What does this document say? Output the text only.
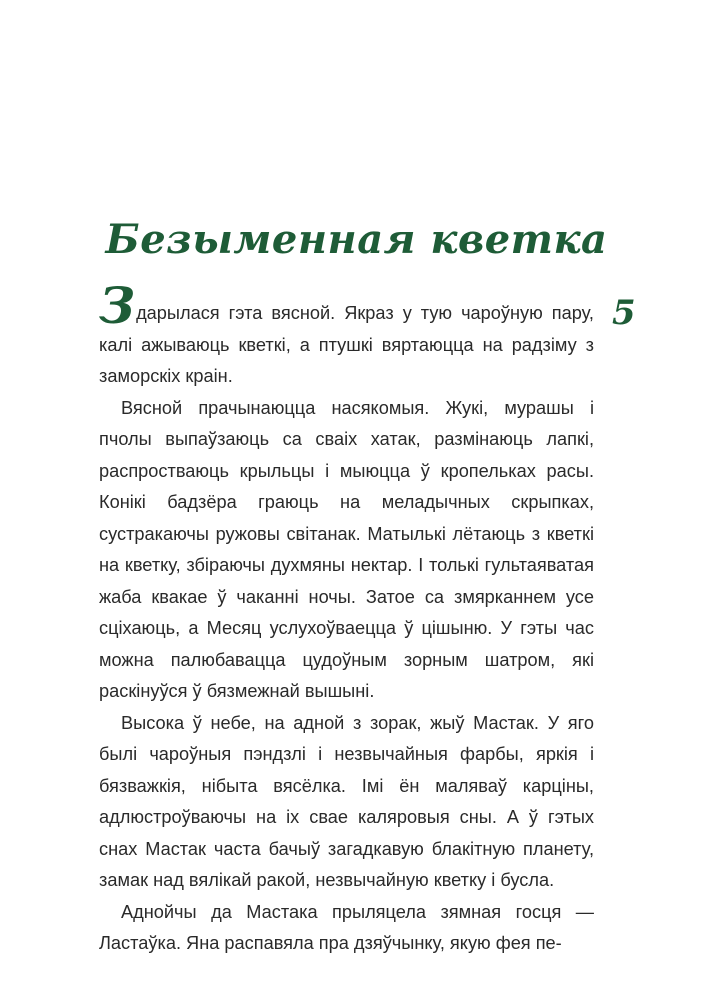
Безыменная кветка
5

Здарылася гэта вясной. Якраз у тую чароўную пару, калі ажываюць кветкі, а птушкі вяртаюцца на радзіму з заморскіх краін.

Вясной прачынаюцца насякомыя. Жукі, мурашы і пчолы выпаўзаюць са сваіх хатак, размінаюць лапкі, распростваюць крыльцы і мыюцца ў кропельках расы. Конікі бадзёра граюць на меладычных скрыпках, сустракаючы ружовы світанак. Матылькі лётаюць з кветкі на кветку, збіраючы духмяны нектар. І толькі гультаяватая жаба квакае ў чаканні ночы. Затое са змярканнем усе сціхаюць, а Месяц услухоўваецца ў цішыню. У гэты час можна палюбавацца цудоўным зорным шатром, які раскінуўся ў бязмежнай вышыні.

Высока ў небе, на адной з зорак, жыў Мастак. У яго былі чароўныя пэндзлі і незвычайныя фарбы, яркія і бязважкія, нібыта вясёлка. Імі ён маляваў карціны, адлюстроўваючы на іх свае каляровыя сны. А ў гэтых снах Мастак часта бачыў загадкавую блакітную планету, замак над вялікай ракой, незвычайную кветку і бусла.

Аднойчы да Мастака прыляцела зямная госця — Ластаўка. Яна распавяла пра дзяўчынку, якую фея пе-
